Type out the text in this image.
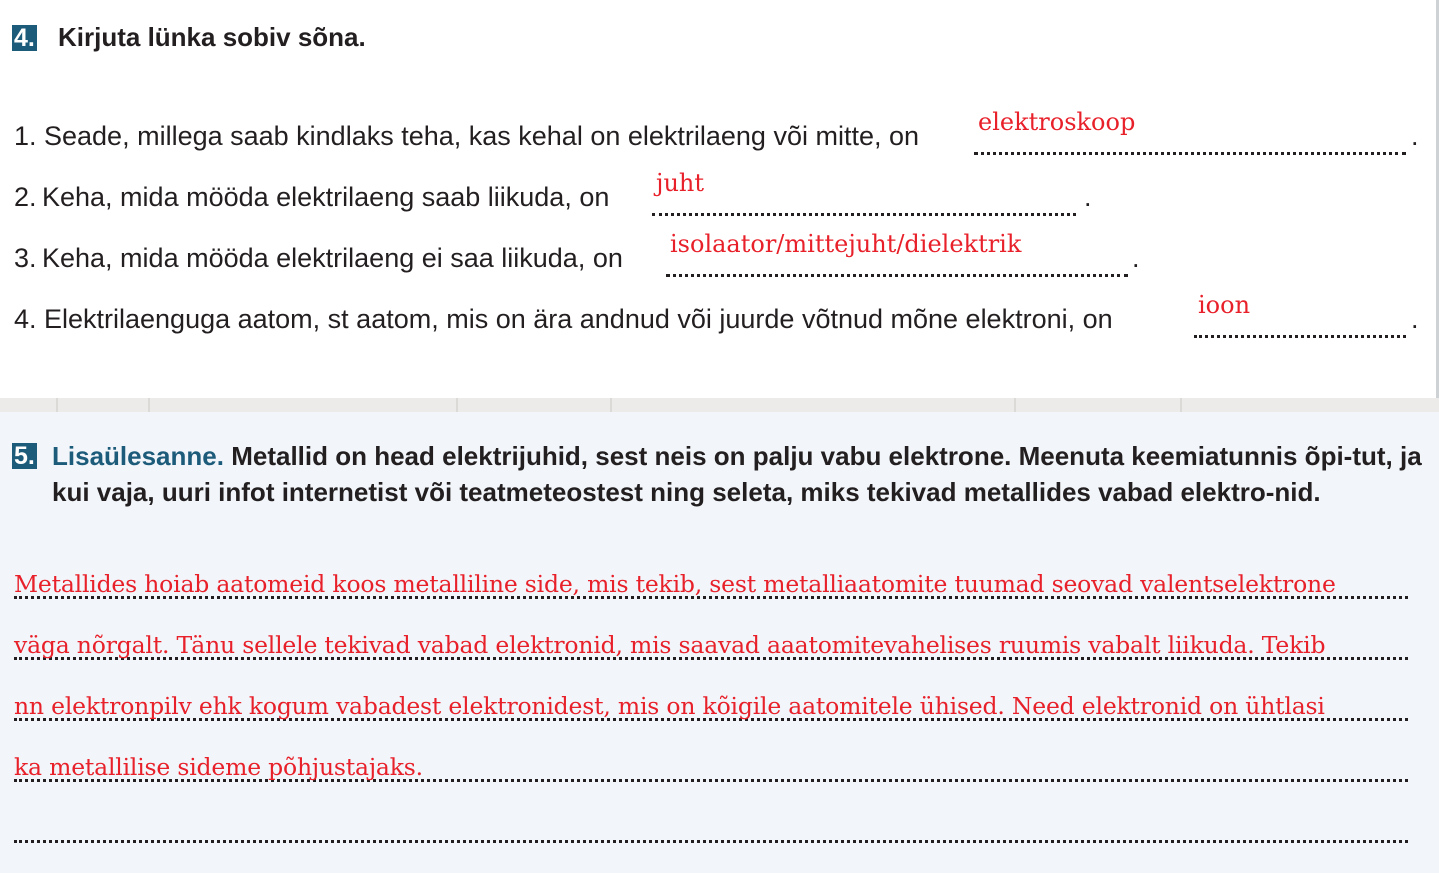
4. Kirjuta lünka sobiv sõna.
1. Seade, millega saab kindlaks teha, kas kehal on elektrilaeng või mitte, on elektroskoop	.
2. Keha, mida mööda elektrilaeng saab liikuda, on juht	.
3. Keha, mida mööda elektrilaeng ei saa liikuda, on isolaator/mittejuht/dielektrik	.
4. Elektrilaenguga aatom, st aatom, mis on ära andnud või juurde võtnud mõne elektroni, on	ioon	.
5. Lisaülesanne. Metallid on head elektrijuhid, sest neis on palju vabu elektrone. Meenuta keemiatunnis õpi-tut, ja kui vaja, uuri infot internetist või teatmeteostest ning seleta, miks tekivad metallides vabad elektro-nid.
Metallides hoiab aatomeid koos metalliline side, mis tekib, sest metalliaatomite tuumad seovad valentselektrone
väga nõrgalt. Tänu sellele tekivad vabad elektronid, mis saavad aaatomitevahelises ruumis vabalt liikuda. Tekib
nn elektronpilv ehk kogum vabadest elektronidest, mis on kõigile aatomitele ühised. Need elektronid on ühtlasi
ka metallilise sideme põhjustajaks.
